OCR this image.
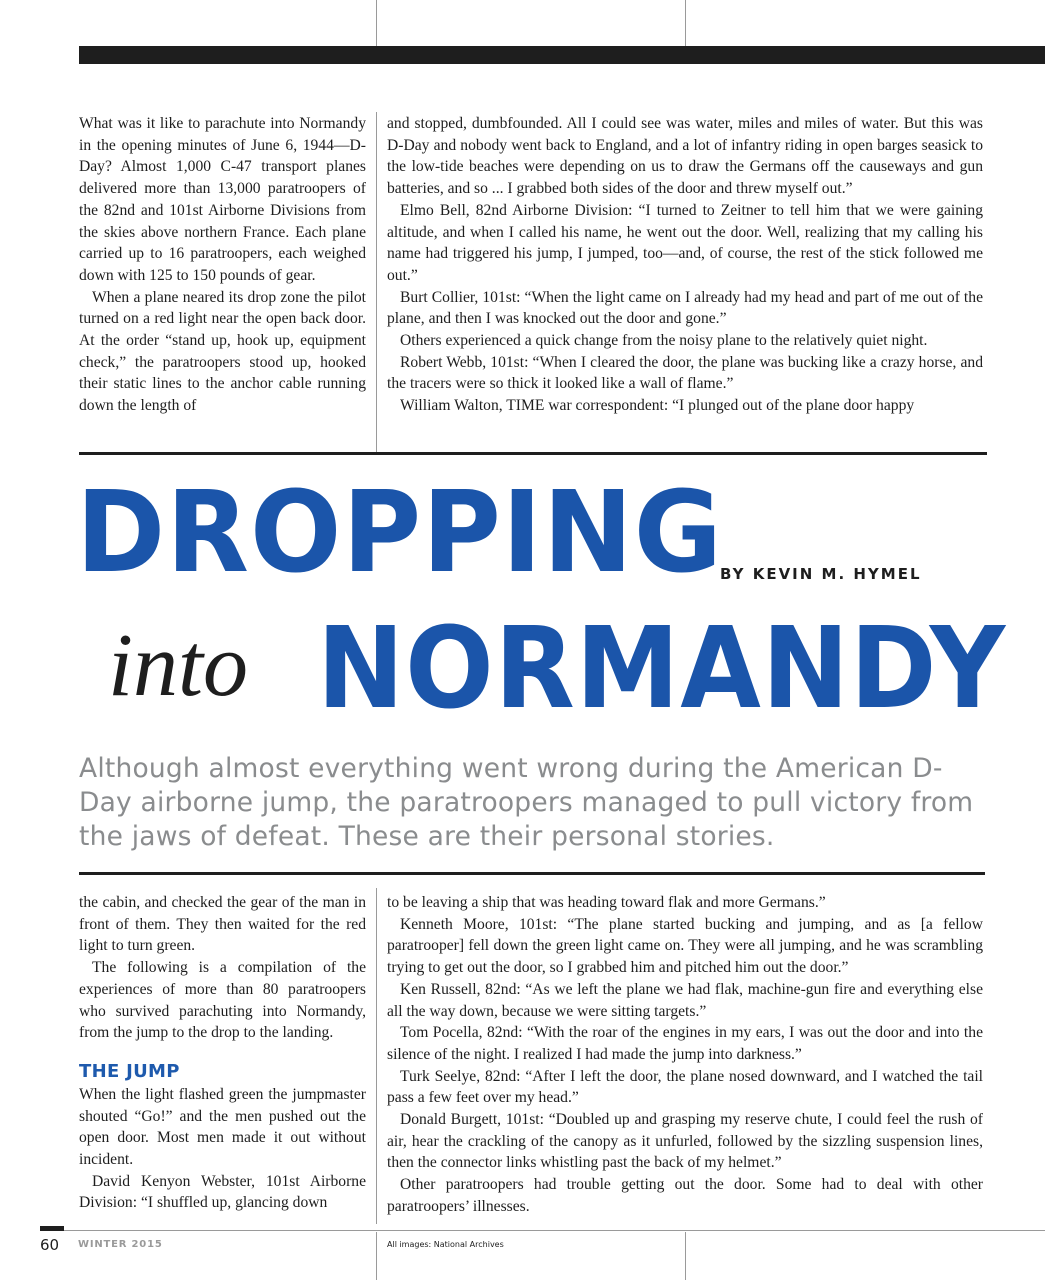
What was it like to parachute into Normandy in the opening minutes of June 6, 1944—D-Day? Almost 1,000 C-47 transport planes delivered more than 13,000 paratroopers of the 82nd and 101st Airborne Divisions from the skies above northern France. Each plane carried up to 16 paratroopers, each weighed down with 125 to 150 pounds of gear.

When a plane neared its drop zone the pilot turned on a red light near the open back door. At the order “stand up, hook up, equipment check,” the paratroopers stood up, hooked their static lines to the anchor cable running down the length of

and stopped, dumbfounded. All I could see was water, miles and miles of water. But this was D-Day and nobody went back to England, and a lot of infantry riding in open barges seasick to the low-tide beaches were depending on us to draw the Germans off the causeways and gun batteries, and so ... I grabbed both sides of the door and threw myself out.”

Elmo Bell, 82nd Airborne Division: “I turned to Zeitner to tell him that we were gaining altitude, and when I called his name, he went out the door. Well, realizing that my calling his name had triggered his jump, I jumped, too—and, of course, the rest of the stick followed me out.”

Burt Collier, 101st: “When the light came on I already had my head and part of me out of the plane, and then I was knocked out the door and gone.”

Others experienced a quick change from the noisy plane to the relatively quiet night.

Robert Webb, 101st: “When I cleared the door, the plane was bucking like a crazy horse, and the tracers were so thick it looked like a wall of flame.”

William Walton, TIME war correspondent: “I plunged out of the plane door happy

DROPPING
BY KEVIN M. HYMEL
into NORMANDY
Although almost everything went wrong during the American D-Day airborne jump, the paratroopers managed to pull victory from the jaws of defeat. These are their personal stories.

the cabin, and checked the gear of the man in front of them. They then waited for the red light to turn green.

The following is a compilation of the experiences of more than 80 paratroopers who survived parachuting into Normandy, from the jump to the drop to the landing.

THE JUMP

When the light flashed green the jumpmaster shouted “Go!” and the men pushed out the open door. Most men made it out without incident.

David Kenyon Webster, 101st Airborne Division: “I shuffled up, glancing down

to be leaving a ship that was heading toward flak and more Germans.”

Kenneth Moore, 101st: “The plane started bucking and jumping, and as [a fellow paratrooper] fell down the green light came on. They were all jumping, and he was scrambling trying to get out the door, so I grabbed him and pitched him out the door.”

Ken Russell, 82nd: “As we left the plane we had flak, machine-gun fire and everything else all the way down, because we were sitting targets.”

Tom Pocella, 82nd: “With the roar of the engines in my ears, I was out the door and into the silence of the night. I realized I had made the jump into darkness.”

Turk Seelye, 82nd: “After I left the door, the plane nosed downward, and I watched the tail pass a few feet over my head.”

Donald Burgett, 101st: “Doubled up and grasping my reserve chute, I could feel the rush of air, hear the crackling of the canopy as it unfurled, followed by the sizzling suspension lines, then the connector links whistling past the back of my helmet.”

Other paratroopers had trouble getting out the door. Some had to deal with other paratroopers’ illnesses.

60 WINTER 2015	All images: National Archives
